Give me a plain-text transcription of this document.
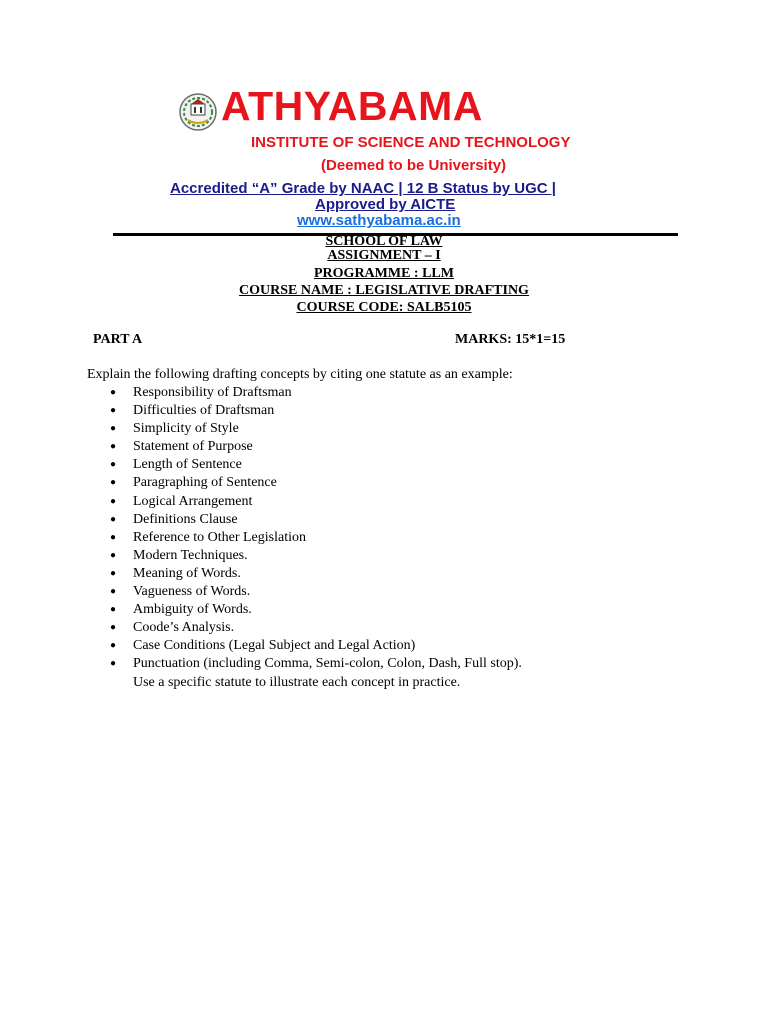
ATHYABAMA
INSTITUTE OF SCIENCE AND TECHNOLOGY
(Deemed to be University)
Accredited “A” Grade by NAAC | 12 B Status by UGC |
Approved by AICTE
www.sathyabama.ac.in
SCHOOL OF LAW
ASSIGNMENT – I
PROGRAMME : LLM
COURSE NAME : LEGISLATIVE DRAFTING
COURSE CODE: SALB5105
PART A	MARKS: 15*1=15
Explain the following drafting concepts by citing one statute as an example:
● Responsibility of Draftsman
● Difficulties of Draftsman
● Simplicity of Style
● Statement of Purpose
● Length of Sentence
● Paragraphing of Sentence
● Logical Arrangement
● Definitions Clause
● Reference to Other Legislation
● Modern Techniques.
● Meaning of Words.
● Vagueness of Words.
● Ambiguity of Words.
● Coode’s Analysis.
● Case Conditions (Legal Subject and Legal Action)
● Punctuation (including Comma, Semi-colon, Colon, Dash, Full stop).
Use a specific statute to illustrate each concept in practice.
